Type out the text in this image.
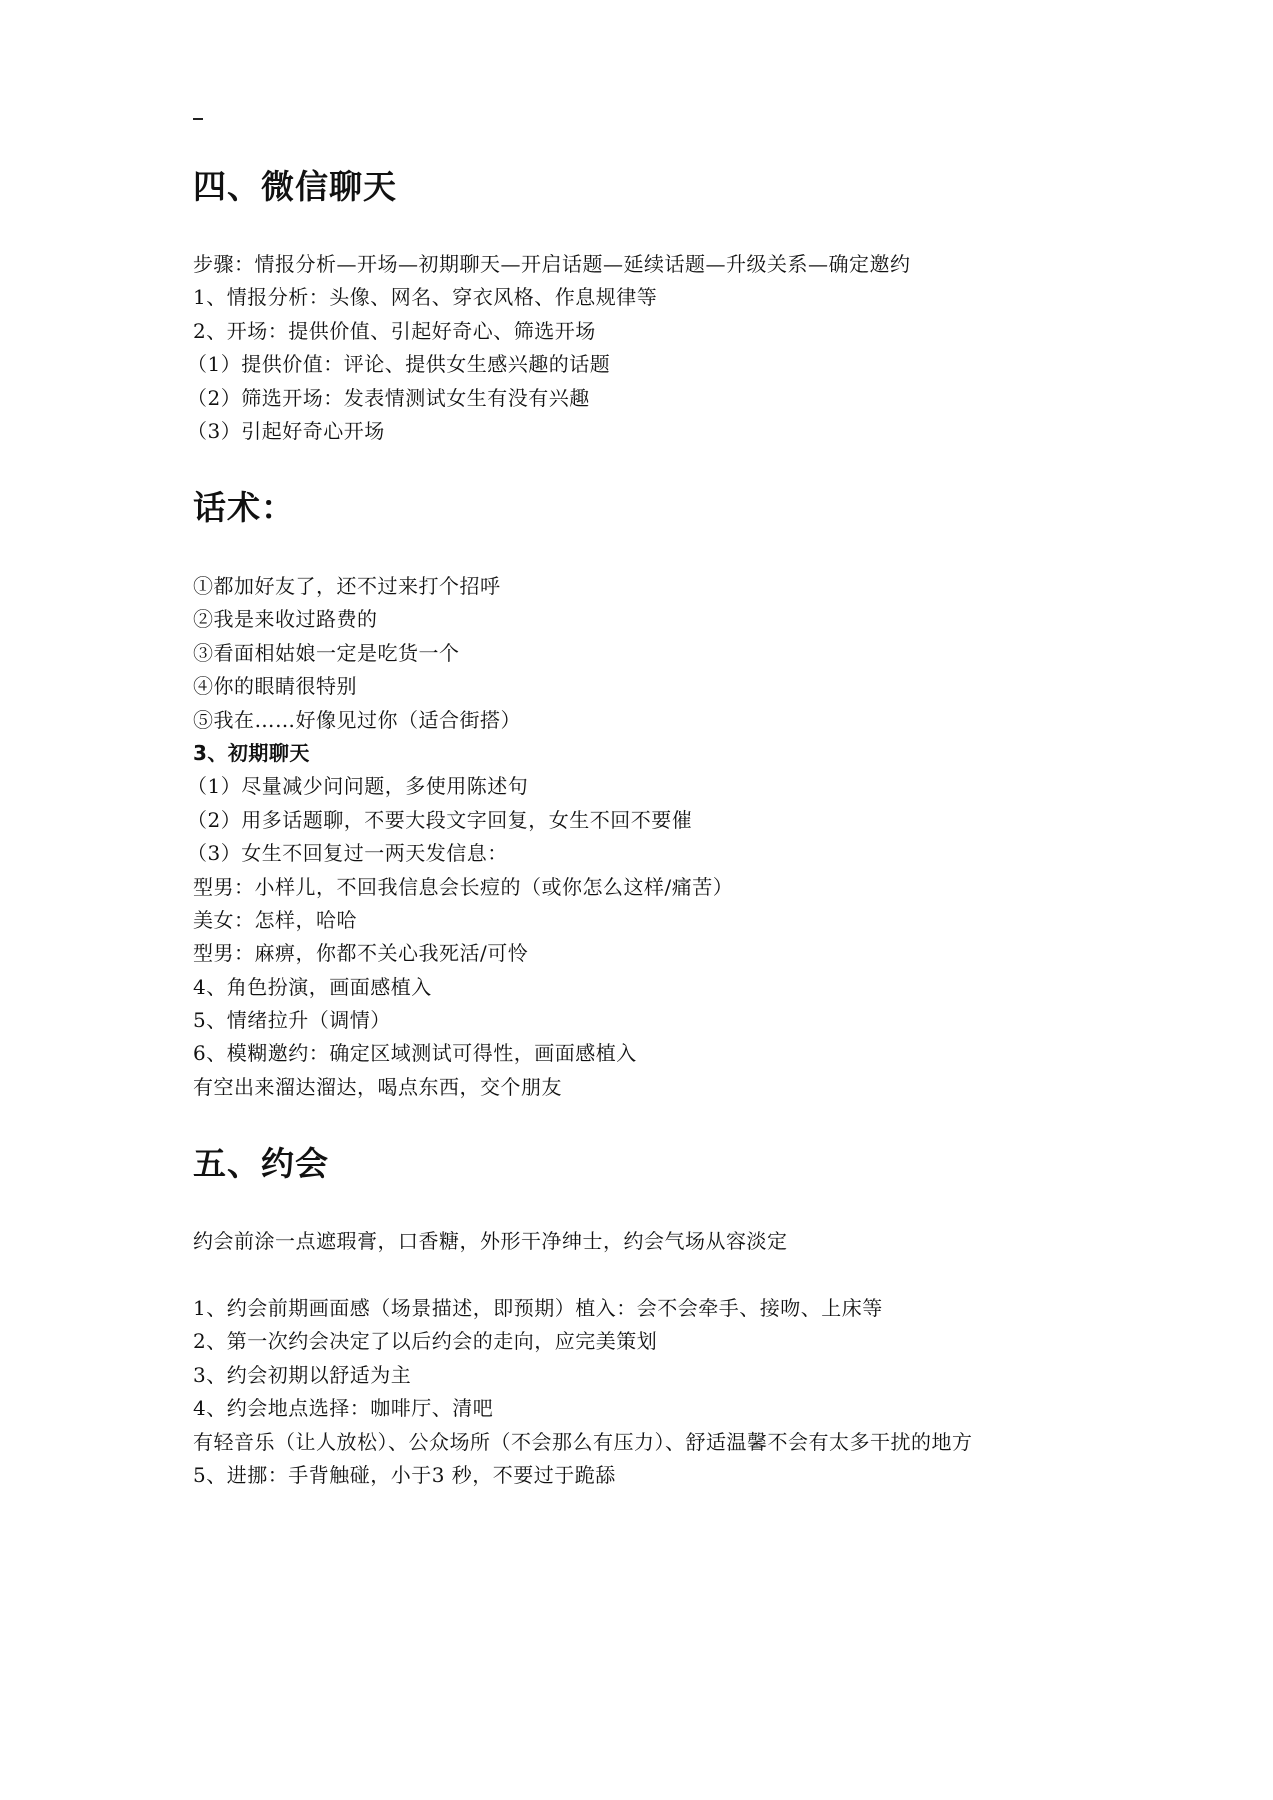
四、微信聊天
步骤：情报分析—开场—初期聊天—开启话题—延续话题—升级关系—确定邀约
1、情报分析：头像、网名、穿衣风格、作息规律等
2、开场：提供价值、引起好奇心、筛选开场
（1）提供价值：评论、提供女生感兴趣的话题
（2）筛选开场：发表情测试女生有没有兴趣
（3）引起好奇心开场
话术：
①都加好友了，还不过来打个招呼
②我是来收过路费的
③看面相姑娘一定是吃货一个
④你的眼睛很特别
⑤我在……好像见过你（适合街搭）
3、初期聊天
（1）尽量减少问问题，多使用陈述句
（2）用多话题聊，不要大段文字回复，女生不回不要催
（3）女生不回复过一两天发信息：
型男：小样儿，不回我信息会长痘的（或你怎么这样/痛苦）
美女：怎样，哈哈
型男：麻痹，你都不关心我死活/可怜
4、角色扮演，画面感植入
5、情绪拉升（调情）
6、模糊邀约：确定区域测试可得性，画面感植入
有空出来溜达溜达，喝点东西，交个朋友
五、约会
约会前涂一点遮瑕膏，口香糖，外形干净绅士，约会气场从容淡定
1、约会前期画面感（场景描述，即预期）植入：会不会牵手、接吻、上床等
2、第一次约会决定了以后约会的走向，应完美策划
3、约会初期以舒适为主
4、约会地点选择：咖啡厅、清吧
有轻音乐（让人放松）、公众场所（不会那么有压力）、舒适温馨不会有太多干扰的地方
5、进挪：手背触碰，小于3 秒，不要过于跪舔
